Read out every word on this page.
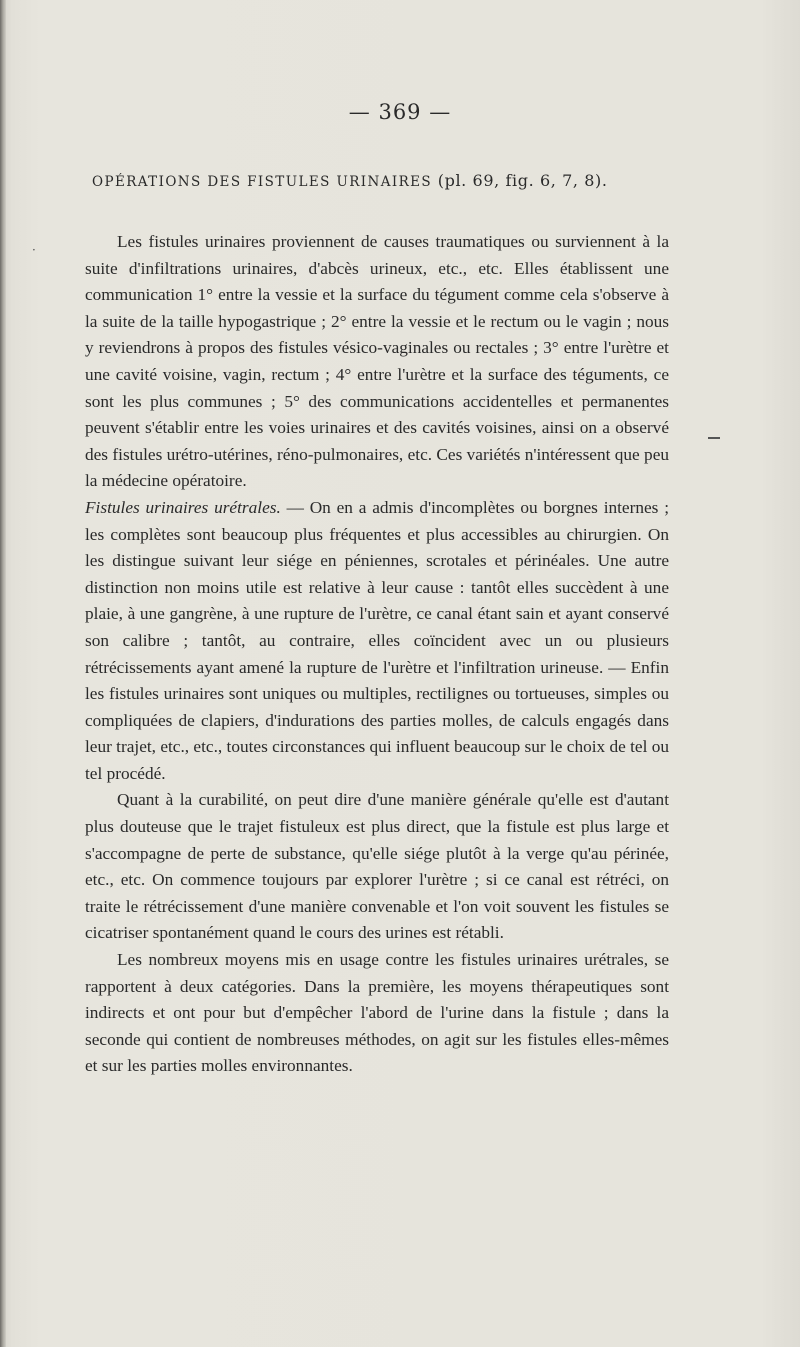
— 369 —
OPÉRATIONS DES FISTULES URINAIRES (pl. 69, fig. 6, 7, 8).
·	Les fistules urinaires proviennent de causes traumatiques ou surviennent à la suite d'infiltrations urinaires, d'abcès urineux, etc., etc. Elles établissent une communication 1° entre la vessie et la surface du tégument comme cela s'observe à la suite de la taille hypogastrique ; 2° entre la vessie et le rectum ou le vagin ; nous y reviendrons à propos des fistules vésico-vaginales ou rectales ; 3° entre l'urètre et une cavité voisine, vagin, rectum ; 4° entre l'urètre et la surface des téguments, ce sont les plus communes ; 5° des communications accidentelles et permanentes peuvent s'établir entre les voies urinaires et des cavités voisines, ainsi on a observé des fistules urétro-utérines, réno-pulmonaires, etc. Ces variétés n'intéressent que peu la médecine opératoire.

Fistules urinaires urétrales. — On en a admis d'incomplètes ou borgnes internes ; les complètes sont beaucoup plus fréquentes et plus accessibles au chirurgien. On les distingue suivant leur siége en péniennes, scrotales et périnéales. Une autre distinction non moins utile est relative à leur cause : tantôt elles succèdent à une plaie, à une gangrène, à une rupture de l'urètre, ce canal étant sain et ayant conservé son calibre ; tantôt, au contraire, elles coïncident avec un ou plusieurs rétrécissements ayant amené la rupture de l'urètre et l'infiltration urineuse. — Enfin les fistules urinaires sont uniques ou multiples, rectilignes ou tortueuses, simples ou compliquées de clapiers, d'indurations des parties molles, de calculs engagés dans leur trajet, etc., etc., toutes circonstances qui influent beaucoup sur le choix de tel ou tel procédé.

Quant à la curabilité, on peut dire d'une manière générale qu'elle est d'autant plus douteuse que le trajet fistuleux est plus direct, que la fistule est plus large et s'accompagne de perte de substance, qu'elle siége plutôt à la verge qu'au périnée, etc., etc. On commence toujours par explorer l'urètre ; si ce canal est rétréci, on traite le rétrécissement d'une manière convenable et l'on voit souvent les fistules se cicatriser spontanément quand le cours des urines est rétabli.

Les nombreux moyens mis en usage contre les fistules urinaires urétrales, se rapportent à deux catégories. Dans la première, les moyens thérapeutiques sont indirects et ont pour but d'empêcher l'abord de l'urine dans la fistule ; dans la seconde qui contient de nombreuses méthodes, on agit sur les fistules elles-mêmes et sur les parties molles environnantes.
